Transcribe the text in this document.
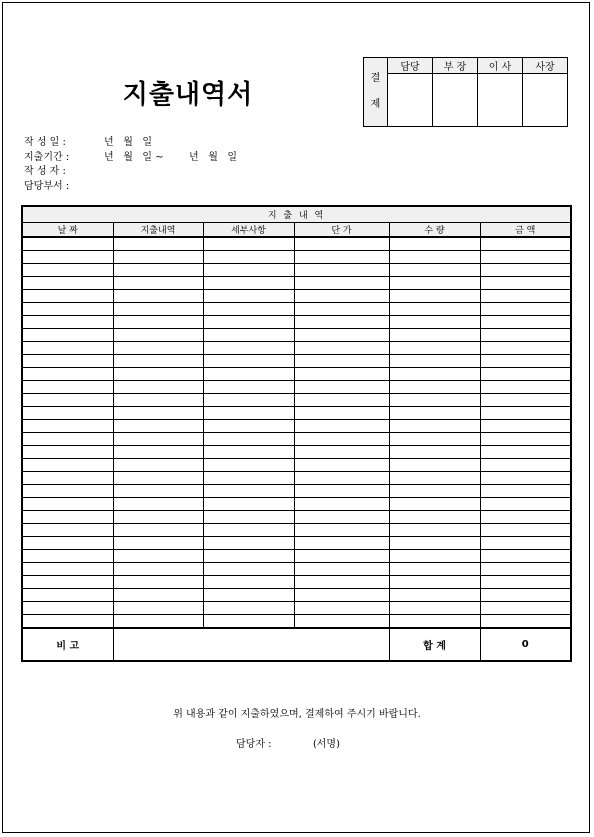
지출내역서
결
제	담당	부 장	이 사	사장

작 성 일 :	년   월   일
지출기간 :	년   월   일 ~        년   월   일
작 성 자 :
담당부서 :
지 출 내 역					
날 짜	지출내역	세부사항	단 가	수 량	금 액

비 고				합 계	0
위 내용과 같이 지출하였으며, 결제하여 주시기 바랍니다.
담당자 :	(서명)
